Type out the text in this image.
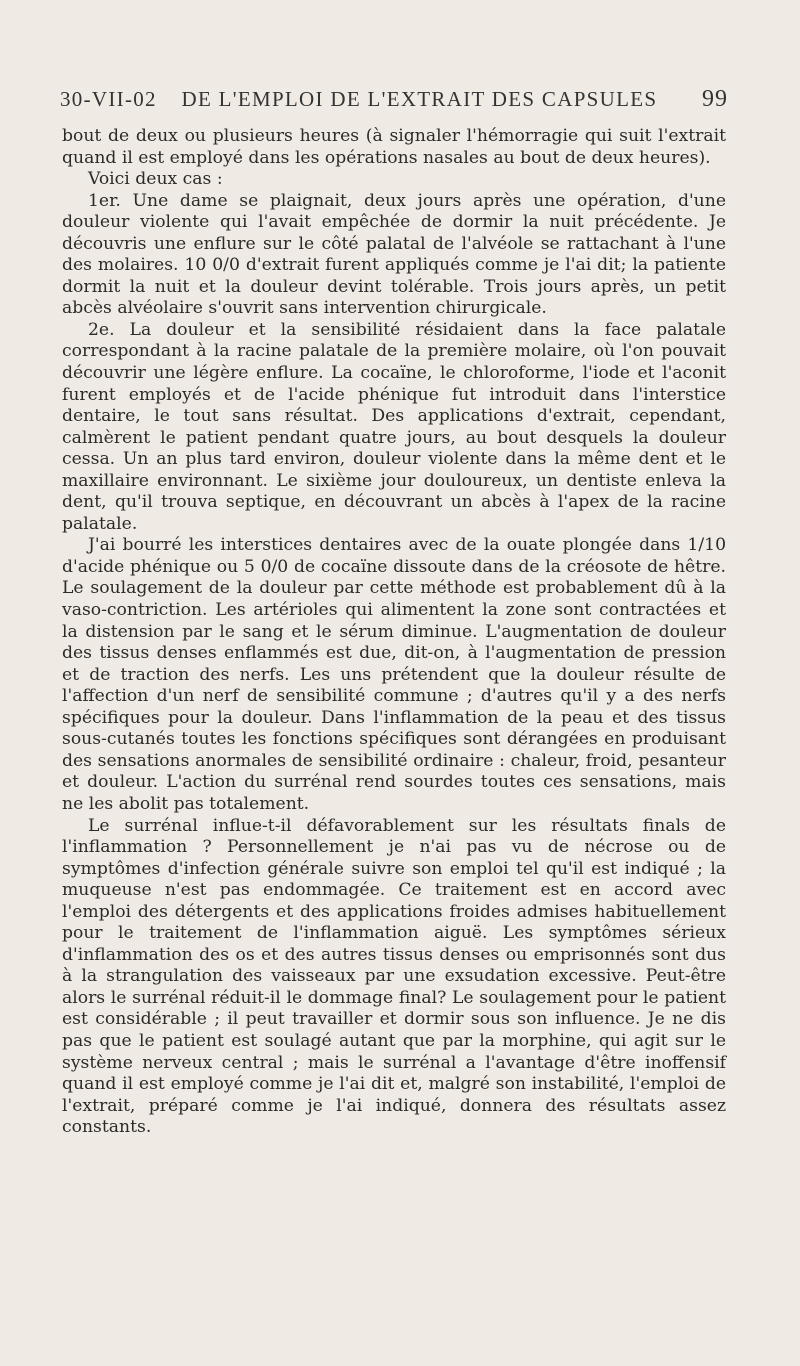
30-VII-02	DE L'EMPLOI DE L'EXTRAIT DES CAPSULES	99

bout de deux ou plusieurs heures (à signaler l'hémorragie qui suit l'extrait quand il est employé dans les opérations nasales au bout de deux heures).

Voici deux cas :

1er. Une dame se plaignait, deux jours après une opération, d'une douleur violente qui l'avait empêchée de dormir la nuit précédente. Je découvris une enflure sur le côté palatal de l'alvéole se rattachant à l'une des molaires. 10 0/0 d'extrait furent appliqués comme je l'ai dit; la patiente dormit la nuit et la douleur devint tolérable. Trois jours après, un petit abcès alvéolaire s'ouvrit sans intervention chirurgicale.

2e. La douleur et la sensibilité résidaient dans la face palatale correspondant à la racine palatale de la première molaire, où l'on pouvait découvrir une légère enflure. La cocaïne, le chloroforme, l'iode et l'aconit furent employés et de l'acide phénique fut introduit dans l'interstice dentaire, le tout sans résultat. Des applications d'extrait, cependant, calmèrent le patient pendant quatre jours, au bout desquels la douleur cessa. Un an plus tard environ, douleur violente dans la même dent et le maxillaire environnant. Le sixième jour douloureux, un dentiste enleva la dent, qu'il trouva septique, en découvrant un abcès à l'apex de la racine palatale.

J'ai bourré les interstices dentaires avec de la ouate plongée dans 1/10 d'acide phénique ou 5 0/0 de cocaïne dissoute dans de la créosote de hêtre. Le soulagement de la douleur par cette méthode est probablement dû à la vaso-contriction. Les artérioles qui alimentent la zone sont contractées et la distension par le sang et le sérum diminue. L'augmentation de douleur des tissus denses enflammés est due, dit-on, à l'augmentation de pression et de traction des nerfs. Les uns prétendent que la douleur résulte de l'affection d'un nerf de sensibilité commune ; d'autres qu'il y a des nerfs spécifiques pour la douleur. Dans l'inflammation de la peau et des tissus sous-cutanés toutes les fonctions spécifiques sont dérangées en produisant des sensations anormales de sensibilité ordinaire : chaleur, froid, pesanteur et douleur. L'action du surrénal rend sourdes toutes ces sensations, mais ne les abolit pas totalement.

Le surrénal influe-t-il défavorablement sur les résultats finals de l'inflammation ? Personnellement je n'ai pas vu de nécrose ou de symptômes d'infection générale suivre son emploi tel qu'il est indiqué ; la muqueuse n'est pas endommagée. Ce traitement est en accord avec l'emploi des détergents et des applications froides admises habituellement pour le traitement de l'inflammation aiguë. Les symptômes sérieux d'inflammation des os et des autres tissus denses ou emprisonnés sont dus à la strangulation des vaisseaux par une exsudation excessive. Peut-être alors le surrénal réduit-il le dommage final? Le soulagement pour le patient est considérable ; il peut travailler et dormir sous son influence. Je ne dis pas que le patient est soulagé autant que par la morphine, qui agit sur le système nerveux central ; mais le surrénal a l'avantage d'être inoffensif quand il est employé comme je l'ai dit et, malgré son instabilité, l'emploi de l'extrait, préparé comme je l'ai indiqué, donnera des résultats assez constants.
